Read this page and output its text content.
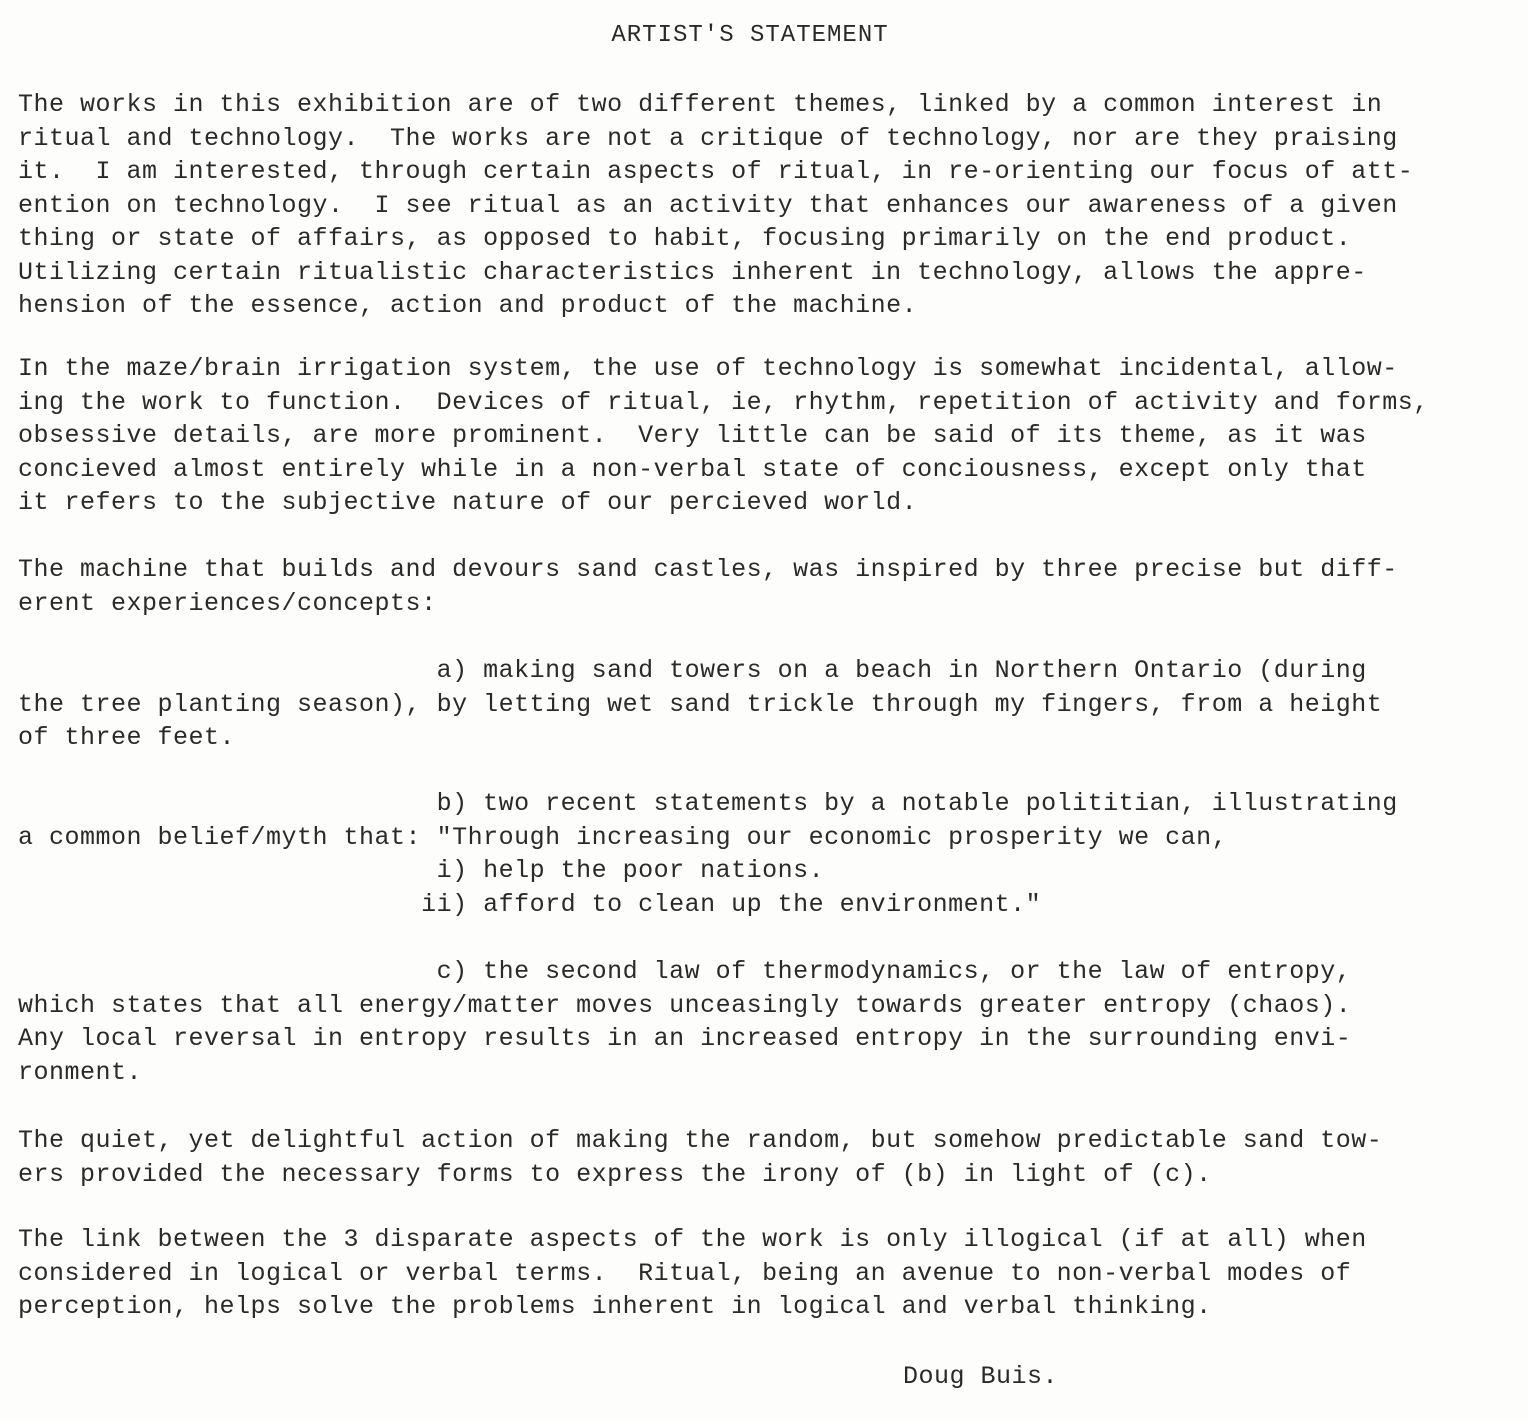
ARTIST'S STATEMENT
The works in this exhibition are of two different themes, linked by a common interest in
ritual and technology.  The works are not a critique of technology, nor are they praising
it.  I am interested, through certain aspects of ritual, in re-orienting our focus of att-
ention on technology.  I see ritual as an activity that enhances our awareness of a given
thing or state of affairs, as opposed to habit, focusing primarily on the end product.
Utilizing certain ritualistic characteristics inherent in technology, allows the appre-
hension of the essence, action and product of the machine.
In the maze/brain irrigation system, the use of technology is somewhat incidental, allow-
ing the work to function.  Devices of ritual, ie, rhythm, repetition of activity and forms,
obsessive details, are more prominent.  Very little can be said of its theme, as it was
concieved almost entirely while in a non-verbal state of conciousness, except only that
it refers to the subjective nature of our percieved world.
The machine that builds and devours sand castles, was inspired by three precise but diff-
erent experiences/concepts:
a) making sand towers on a beach in Northern Ontario (during
the tree planting season), by letting wet sand trickle through my fingers, from a height
of three feet.
b) two recent statements by a notable polititian, illustrating
a common belief/myth that: "Through increasing our economic prosperity we can,
i) help the poor nations.
ii) afford to clean up the environment."
c) the second law of thermodynamics, or the law of entropy,
which states that all energy/matter moves unceasingly towards greater entropy (chaos).
Any local reversal in entropy results in an increased entropy in the surrounding envi-
ronment.
The quiet, yet delightful action of making the random, but somehow predictable sand tow-
ers provided the necessary forms to express the irony of (b) in light of (c).
The link between the 3 disparate aspects of the work is only illogical (if at all) when
considered in logical or verbal terms.  Ritual, being an avenue to non-verbal modes of
perception, helps solve the problems inherent in logical and verbal thinking.
Doug Buis.
